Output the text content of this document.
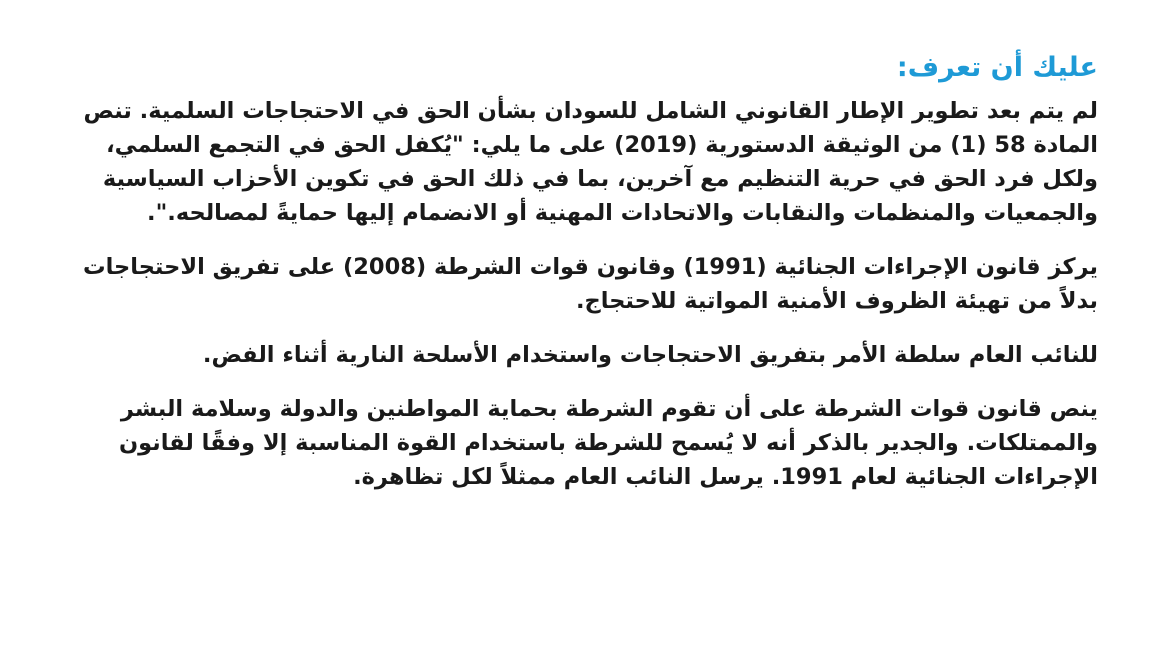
عليك أن تعرف:

لم يتم بعد تطوير الإطار القانوني الشامل للسودان بشأن الحق في الاحتجاجات السلمية. تنص المادة 58 (1) من الوثيقة الدستورية (2019) على ما يلي: "يُكفل الحق في التجمع السلمي، ولكل فرد الحق في حرية التنظيم مع آخرين، بما في ذلك الحق في تكوين الأحزاب السياسية والجمعيات والمنظمات والنقابات والاتحادات المهنية أو الانضمام إليها حمايةً لمصالحه.".

يركز قانون الإجراءات الجنائية (1991) وقانون قوات الشرطة (2008) على تفريق الاحتجاجات بدلاً من تهيئة الظروف الأمنية المواتية للاحتجاج.

للنائب العام سلطة الأمر بتفريق الاحتجاجات واستخدام الأسلحة النارية أثناء الفض.

ينص قانون قوات الشرطة على أن تقوم الشرطة بحماية المواطنين والدولة وسلامة البشر والممتلكات. والجدير بالذكر أنه لا يُسمح للشرطة باستخدام القوة المناسبة إلا وفقًا لقانون الإجراءات الجنائية لعام 1991. يرسل النائب العام ممثلاً لكل تظاهرة.
